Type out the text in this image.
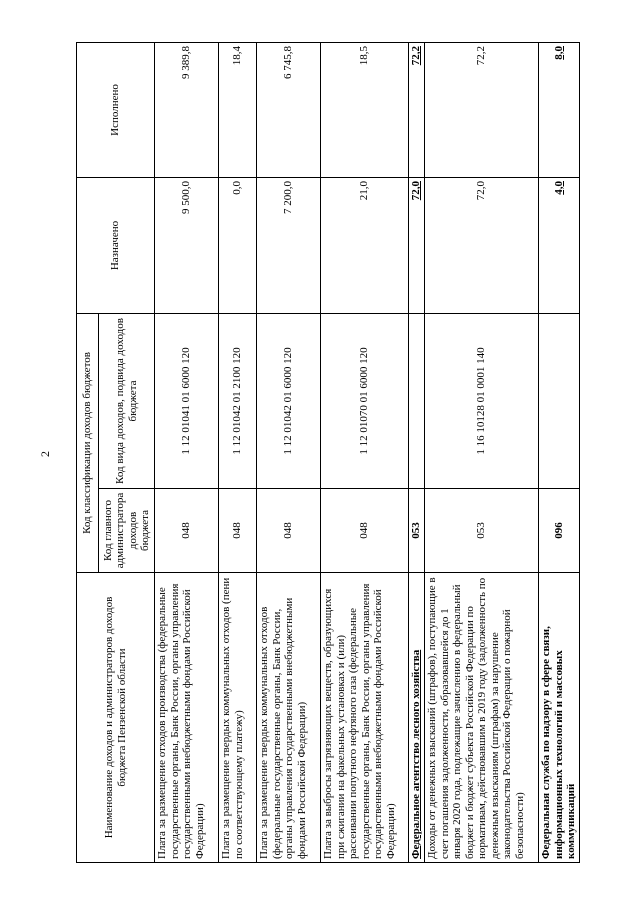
2
Наименование доходов и администраторов доходов бюджета Пензенской области	Код классификации доходов бюджетов		Назначено	Исполнено
	Код главного администратора доходов бюджета	Код вида доходов, подвида доходов бюджета		
Плата за размещение отходов производства (федеральные государственные органы, Банк России, органы управления государственными внебюджетными фондами Российской Федерации)	048	1 12 01041 01 6000 120	9 500,0	9 389,8
Плата за размещение твердых коммунальных отходов (пени по соответствующему платежу)	048	1 12 01042 01 2100 120	0,0	18,4
Плата за размещение твердых коммунальных отходов (федеральные государственные органы, Банк России, органы управления государственными внебюджетными фондами Российской Федерации)	048	1 12 01042 01 6000 120	7 200,0	6 745,8
Плата за выбросы загрязняющих веществ, образующихся при сжигании на факельных установках и (или) рассеивании попутного нефтяного газа (федеральные государственные органы, Банк России, органы управления государственными внебюджетными фондами Российской Федерации)	048	1 12 01070 01 6000 120	21,0	18,5
Федеральное агентство лесного хозяйства	053		72,0	72,2
Доходы от денежных взысканий (штрафов), поступающие в счет погашения задолженности, образовавшейся до 1 января 2020 года, подлежащие зачислению в федеральный бюджет и бюджет субъекта Российской Федерации по нормативам, действовавшим в 2019 году (задолженность по денежным взысканиям (штрафам) за нарушение законодательства Российской Федерации о пожарной безопасности)	053	1 16 10128 01 0001 140	72,0	72,2
Федеральная служба по надзору в сфере связи, информационных технологий и массовых коммуникаций	096		4,0	8,0
